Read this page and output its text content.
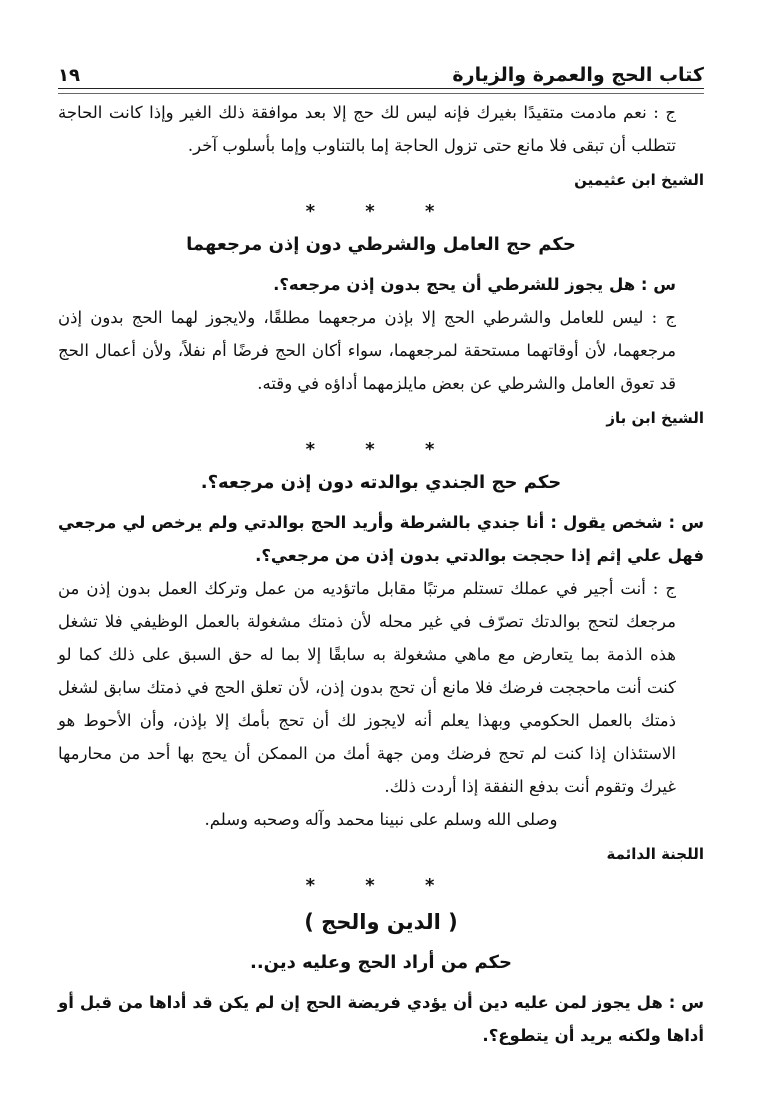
كتاب الحج والعمرة والزيارة
١٩

ج : نعم مادمت متقيدًا بغيرك فإنه ليس لك حج إلا بعد موافقة ذلك الغير وإذا كانت الحاجة تتطلب أن تبقى فلا مانع حتى تزول الحاجة إما بالتناوب وإما بأسلوب آخر.

الشيخ ابن عثيمين
* * *
حكم حج العامل والشرطي دون إذن مرجعهما

س : هل يجوز للشرطي أن يحج بدون إذن مرجعه؟.

ج : ليس للعامل والشرطي الحج إلا بإذن مرجعهما مطلقًا، ولايجوز لهما الحج بدون إذن مرجعهما، لأن أوقاتهما مستحقة لمرجعهما، سواء أكان الحج فرضًا أم نفلاً، ولأن أعمال الحج قد تعوق العامل والشرطي عن بعض مايلزمهما أداؤه في وقته.

الشيخ ابن باز
* * *
حكم حج الجندي بوالدته دون إذن مرجعه؟.

س : شخص يقول : أنا جندي بالشرطة وأريد الحج بوالدتي ولم يرخص لي مرجعي فهل علي إثم إذا حججت بوالدتي بدون إذن من مرجعي؟.

ج : أنت أجير في عملك تستلم مرتبًا مقابل ماتؤديه من عمل وتركك العمل بدون إذن من مرجعك لتحج بوالدتك تصرّف في غير محله لأن ذمتك مشغولة بالعمل الوظيفي فلا تشغل هذه الذمة بما يتعارض مع ماهي مشغولة به سابقًا إلا بما له حق السبق على ذلك كما لو كنت أنت ماحججت فرضك فلا مانع أن تحج بدون إذن، لأن تعلق الحج في ذمتك سابق لشغل ذمتك بالعمل الحكومي وبهذا يعلم أنه لايجوز لك أن تحج بأمك إلا بإذن، وأن الأحوط هو الاستئذان إذا كنت لم تحج فرضك ومن جهة أمك من الممكن أن يحج بها أحد من محارمها غيرك وتقوم أنت بدفع النفقة إذا أردت ذلك.

وصلى الله وسلم على نبينا محمد وآله وصحبه وسلم.

اللجنة الدائمة
* * *
( الدين والحج )
حكم من أراد الحج وعليه دين..

س : هل يجوز لمن عليه دين أن يؤدي فريضة الحج إن لم يكن قد أداها من قبل أو أداها ولكنه يريد أن يتطوع؟.
